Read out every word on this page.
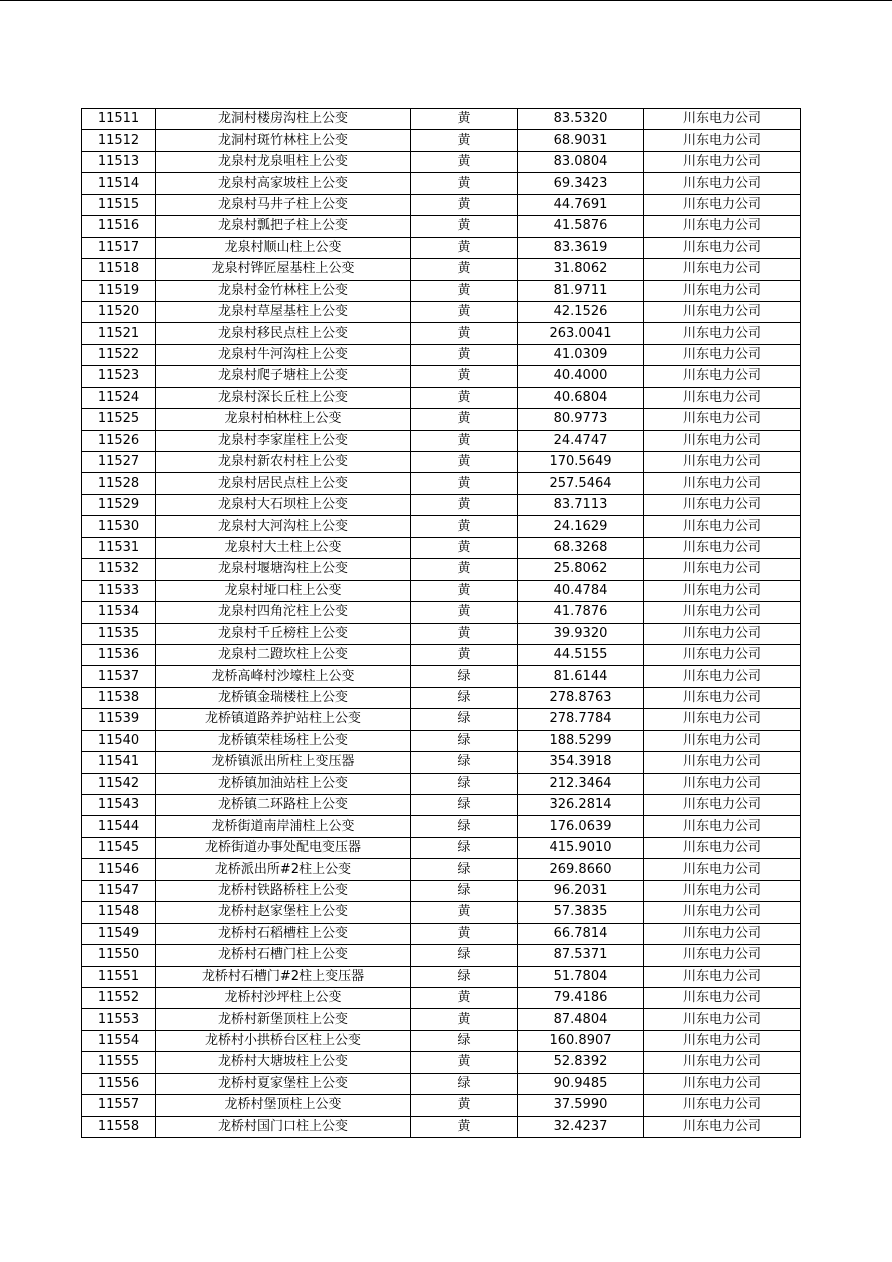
11511	龙洞村楼房沟柱上公变	黄	83.5320	川东电力公司
11512	龙洞村斑竹林柱上公变	黄	68.9031	川东电力公司
11513	龙泉村龙泉咀柱上公变	黄	83.0804	川东电力公司
11514	龙泉村高家坡柱上公变	黄	69.3423	川东电力公司
11515	龙泉村马井子柱上公变	黄	44.7691	川东电力公司
11516	龙泉村瓢把子柱上公变	黄	41.5876	川东电力公司
11517	龙泉村顺山柱上公变	黄	83.3619	川东电力公司
11518	龙泉村铧匠屋基柱上公变	黄	31.8062	川东电力公司
11519	龙泉村金竹林柱上公变	黄	81.9711	川东电力公司
11520	龙泉村草屋基柱上公变	黄	42.1526	川东电力公司
11521	龙泉村移民点柱上公变	黄	263.0041	川东电力公司
11522	龙泉村牛河沟柱上公变	黄	41.0309	川东电力公司
11523	龙泉村爬子塘柱上公变	黄	40.4000	川东电力公司
11524	龙泉村深长丘柱上公变	黄	40.6804	川东电力公司
11525	龙泉村柏林柱上公变	黄	80.9773	川东电力公司
11526	龙泉村李家崖柱上公变	黄	24.4747	川东电力公司
11527	龙泉村新农村柱上公变	黄	170.5649	川东电力公司
11528	龙泉村居民点柱上公变	黄	257.5464	川东电力公司
11529	龙泉村大石坝柱上公变	黄	83.7113	川东电力公司
11530	龙泉村大河沟柱上公变	黄	24.1629	川东电力公司
11531	龙泉村大土柱上公变	黄	68.3268	川东电力公司
11532	龙泉村堰塘沟柱上公变	黄	25.8062	川东电力公司
11533	龙泉村垭口柱上公变	黄	40.4784	川东电力公司
11534	龙泉村四角沱柱上公变	黄	41.7876	川东电力公司
11535	龙泉村千丘榜柱上公变	黄	39.9320	川东电力公司
11536	龙泉村二蹬坎柱上公变	黄	44.5155	川东电力公司
11537	龙桥高峰村沙壕柱上公变	绿	81.6144	川东电力公司
11538	龙桥镇金瑞楼柱上公变	绿	278.8763	川东电力公司
11539	龙桥镇道路养护站柱上公变	绿	278.7784	川东电力公司
11540	龙桥镇荣桂场柱上公变	绿	188.5299	川东电力公司
11541	龙桥镇派出所柱上变压器	绿	354.3918	川东电力公司
11542	龙桥镇加油站柱上公变	绿	212.3464	川东电力公司
11543	龙桥镇二环路柱上公变	绿	326.2814	川东电力公司
11544	龙桥街道南岸浦柱上公变	绿	176.0639	川东电力公司
11545	龙桥街道办事处配电变压器	绿	415.9010	川东电力公司
11546	龙桥派出所#2柱上公变	绿	269.8660	川东电力公司
11547	龙桥村铁路桥柱上公变	绿	96.2031	川东电力公司
11548	龙桥村赵家堡柱上公变	黄	57.3835	川东电力公司
11549	龙桥村石稻槽柱上公变	黄	66.7814	川东电力公司
11550	龙桥村石槽门柱上公变	绿	87.5371	川东电力公司
11551	龙桥村石槽门#2柱上变压器	绿	51.7804	川东电力公司
11552	龙桥村沙坪柱上公变	黄	79.4186	川东电力公司
11553	龙桥村新堡顶柱上公变	黄	87.4804	川东电力公司
11554	龙桥村小拱桥台区柱上公变	绿	160.8907	川东电力公司
11555	龙桥村大塘坡柱上公变	黄	52.8392	川东电力公司
11556	龙桥村夏家堡柱上公变	绿	90.9485	川东电力公司
11557	龙桥村堡顶柱上公变	黄	37.5990	川东电力公司
11558	龙桥村国门口柱上公变	黄	32.4237	川东电力公司
